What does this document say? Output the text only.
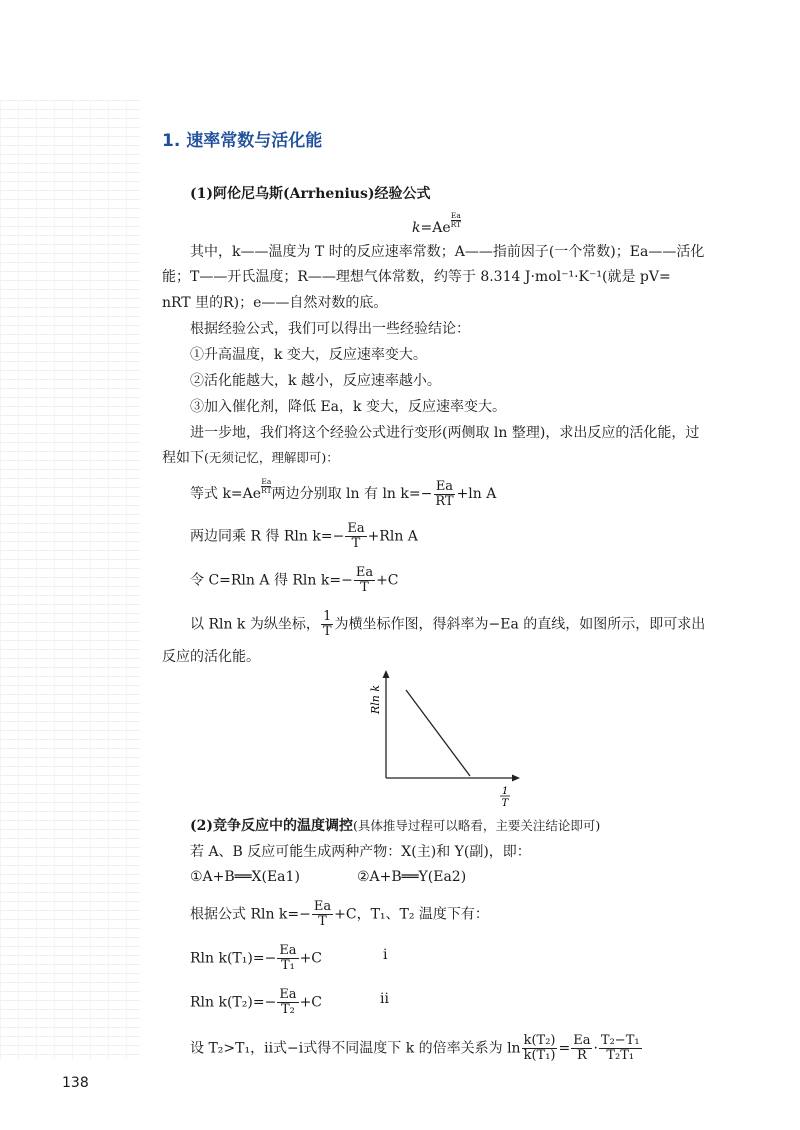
1. 速率常数与活化能
(1)阿伦尼乌斯(Arrhenius)经验公式
$k=Ae \frac{Ea}{RT}$
其中，k——温度为 T 时的反应速率常数；A——指前因子(一个常数)；Ea——活化
能；T——开氏温度；R——理想气体常数，约等于 8.314 J·mol⁻¹·K⁻¹(就是 pV=
nRT 里的R)；e——自然对数的底。
根据经验公式，我们可以得出一些经验结论：
①升高温度，k 变大，反应速率变大。
②活化能越大，k 越小，反应速率越小。
③加入催化剂，降低 Ea，k 变大，反应速率变大。
进一步地，我们将这个经验公式进行变形(两侧取 ln 整理)，求出反应的活化能，过
程如下(无须记忆，理解即可)：
等式 $k=Ae \frac{Ea}{RT}$ 两边分别取 ln 有 $\ln k=- \frac{Ea}{RT} +\ln$ A
两边同乘 R 得 Rln $k=- \frac{Ea}{T} +Rln$ A
令 C=Rln A 得 Rln $k=- \frac{Ea}{T} +C$
以 Rln k 为纵坐标， $\frac{1}{T}$ 为横坐标作图，得斜率为−Ea 的直线，如图所示，即可求出
反应的活化能。
Rln k
1
T
(2)竞争反应中的温度调控(具体推导过程可以略看，主要关注结论即可)
若 A、B 反应可能生成两种产物：X(主)和 Y(副)，即：
①A+B══X(Ea1)	②A+B══Y(Ea2)
根据公式 Rln $k=- \frac{Ea}{T} +C$，T₁、T₂ 温度下有：
Rln $k(T_1)=- \frac{Ea}{\text{T₁}} +C$	ⅰ
Rln $k(T_2)=- \frac{Ea}{\text{T₂}} +C$	ⅱ
设 T₂>T₁，ⅱ式−ⅰ式得不同温度下 k 的倍率关系为 $\ln \frac{\text{k(T₂)}}{\text{k(T₁)}} = \frac{Ea}{R} \cdot \frac{\text{T₂−T₁}}{\text{T₂T₁}}$
138
